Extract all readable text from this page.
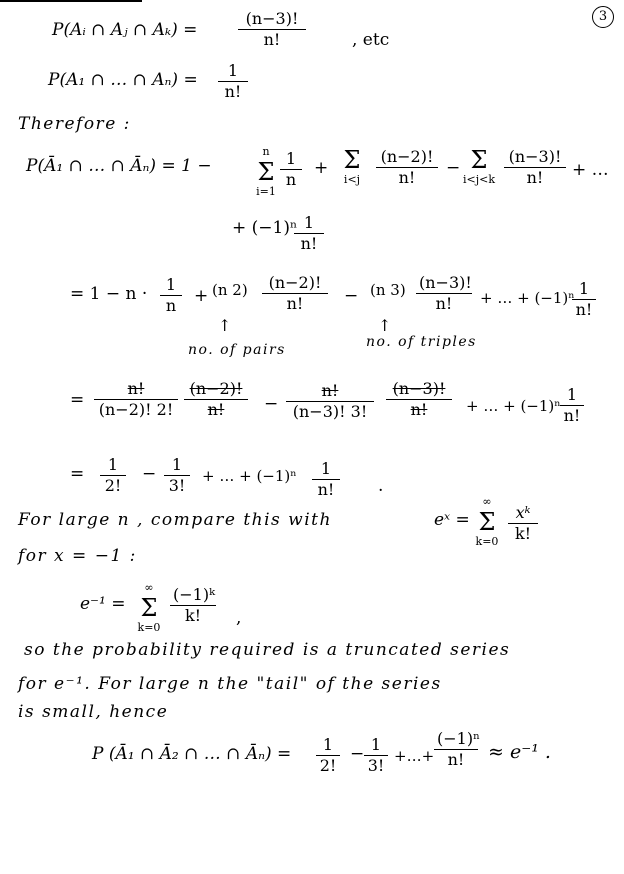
3
P(Aᵢ ∩ Aⱼ ∩ Aₖ) =	$\frac{(n-3)!}{n!}$	, etc
P(A₁ ∩ … ∩ $A_n) = \frac{1}{n!}$
Therefore :
P(Ā₁ ∩ … ∩ Āₙ) = 1 −
n
Σ
i=1
$\frac{1}{n} + \Sigma$
$i<j \frac{(n-2)!}{n!} - \Sigma$
$i<j<k \frac{(n-3)!}{n!}$ + …
+ (−1)ⁿ
$\frac{1}{n!}$
= $1 - n \cdot \frac{1}{n} + (n$ $2) \frac{(n-2)!}{n!} - (n$ $3) \frac{(n-3)!}{n!}$ + … + (−1)ⁿ
$\frac{1}{n!}$
↑
no. of pairs
↑
no. of triples
= $\frac{n!}{(n-2)! 2!} \frac{(n-2)!}{n!} - \frac{n!}{(n-3)! 3!} \frac{(n-3)!}{n!}$ + … + $(-1)^n \frac{1}{n!}$
= $\frac{1}{2!} - \frac{1}{3!}$ + … + $(-1)^n \frac{1}{n!}$ .
For large n , compare this with	eˣ =
∞
Σ
$k=0 \frac{\text{xᵏ}}{k!}$
for x = −1 :
e⁻¹ =
∞
Σ
k=0
$\frac{\text{(−1)ᵏ}}{k!}$ ,
so the probability required is a truncated series
for e⁻¹. For large n the "tail" of the series
is small, hence
P (Ā₁ ∩ Ā₂ ∩ … ∩ Āₙ) = $\frac{1}{2!} - \frac{1}{3!}$ +…+ $\frac{\text{(−1)ⁿ}}{n!} \approx e^{-1}$ .
